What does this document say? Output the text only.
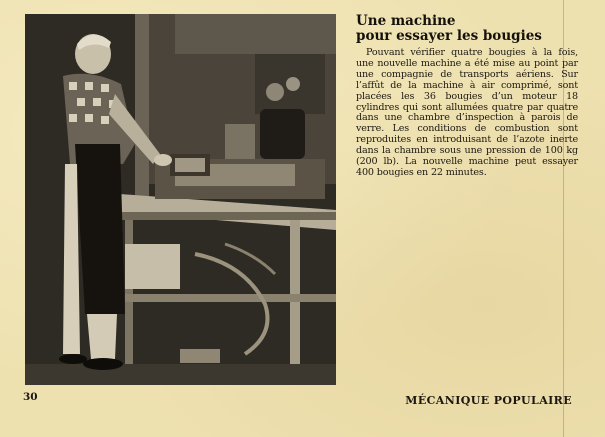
Une machine
pour essayer les bougies

Pouvant vérifier quatre bougies à la fois, une nouvelle machine a été mise au point par une compagnie de transports aériens. Sur l’affût de la machine à air comprimé, sont placées les 36 bougies d’un moteur 18 cylindres qui sont allumées quatre par quatre dans une chambre d’inspection à parois de verre. Les conditions de combustion sont reproduites en introduisant de l’azote inerte dans la chambre sous une pression de 100 kg (200 lb). La nouvelle machine peut essayer 400 bougies en 22 minutes.

30	MÉCANIQUE POPULAIRE
